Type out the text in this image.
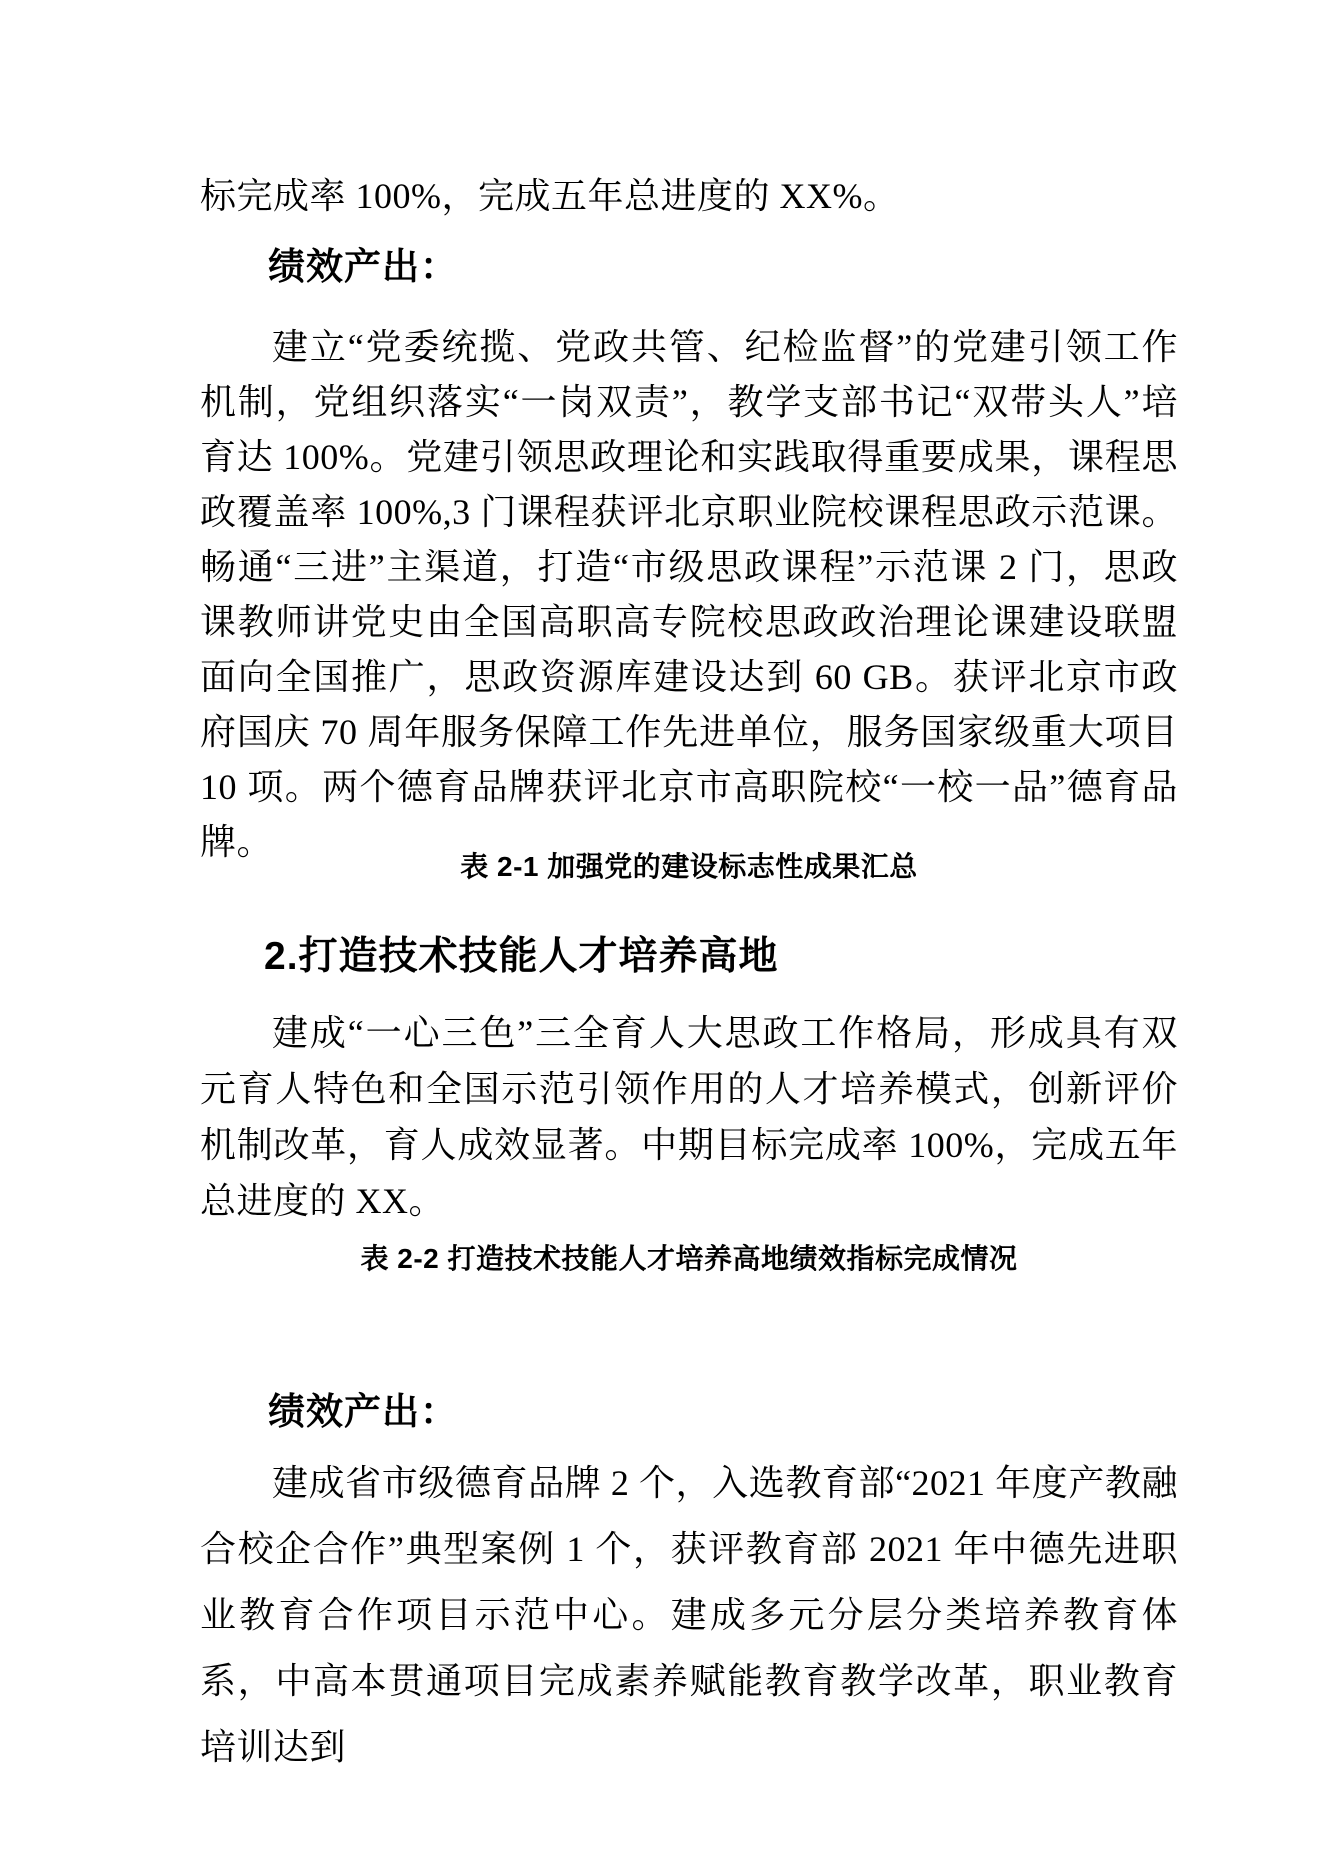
标完成率 100%，完成五年总进度的 XX%。
绩效产出：
建立“党委统揽、党政共管、纪检监督”的党建引领工作机制，党组织落实“一岗双责”，教学支部书记“双带头人”培育达 100%。党建引领思政理论和实践取得重要成果，课程思政覆盖率 100%,3 门课程获评北京职业院校课程思政示范课。畅通“三进”主渠道，打造“市级思政课程”示范课 2 门，思政课教师讲党史由全国高职高专院校思政政治理论课建设联盟面向全国推广，思政资源库建设达到 60 GB。获评北京市政府国庆 70 周年服务保障工作先进单位，服务国家级重大项目 10 项。两个德育品牌获评北京市高职院校“一校一品”德育品牌。
表 2-1 加强党的建设标志性成果汇总
2.打造技术技能人才培养高地
建成“一心三色”三全育人大思政工作格局，形成具有双元育人特色和全国示范引领作用的人才培养模式，创新评价机制改革，育人成效显著。中期目标完成率 100%，完成五年总进度的 XX。
表 2-2 打造技术技能人才培养高地绩效指标完成情况
绩效产出：
建成省市级德育品牌 2 个，入选教育部“2021 年度产教融合校企合作”典型案例 1 个，获评教育部 2021 年中德先进职业教育合作项目示范中心。建成多元分层分类培养教育体系，中高本贯通项目完成素养赋能教育教学改革，职业教育培训达到
